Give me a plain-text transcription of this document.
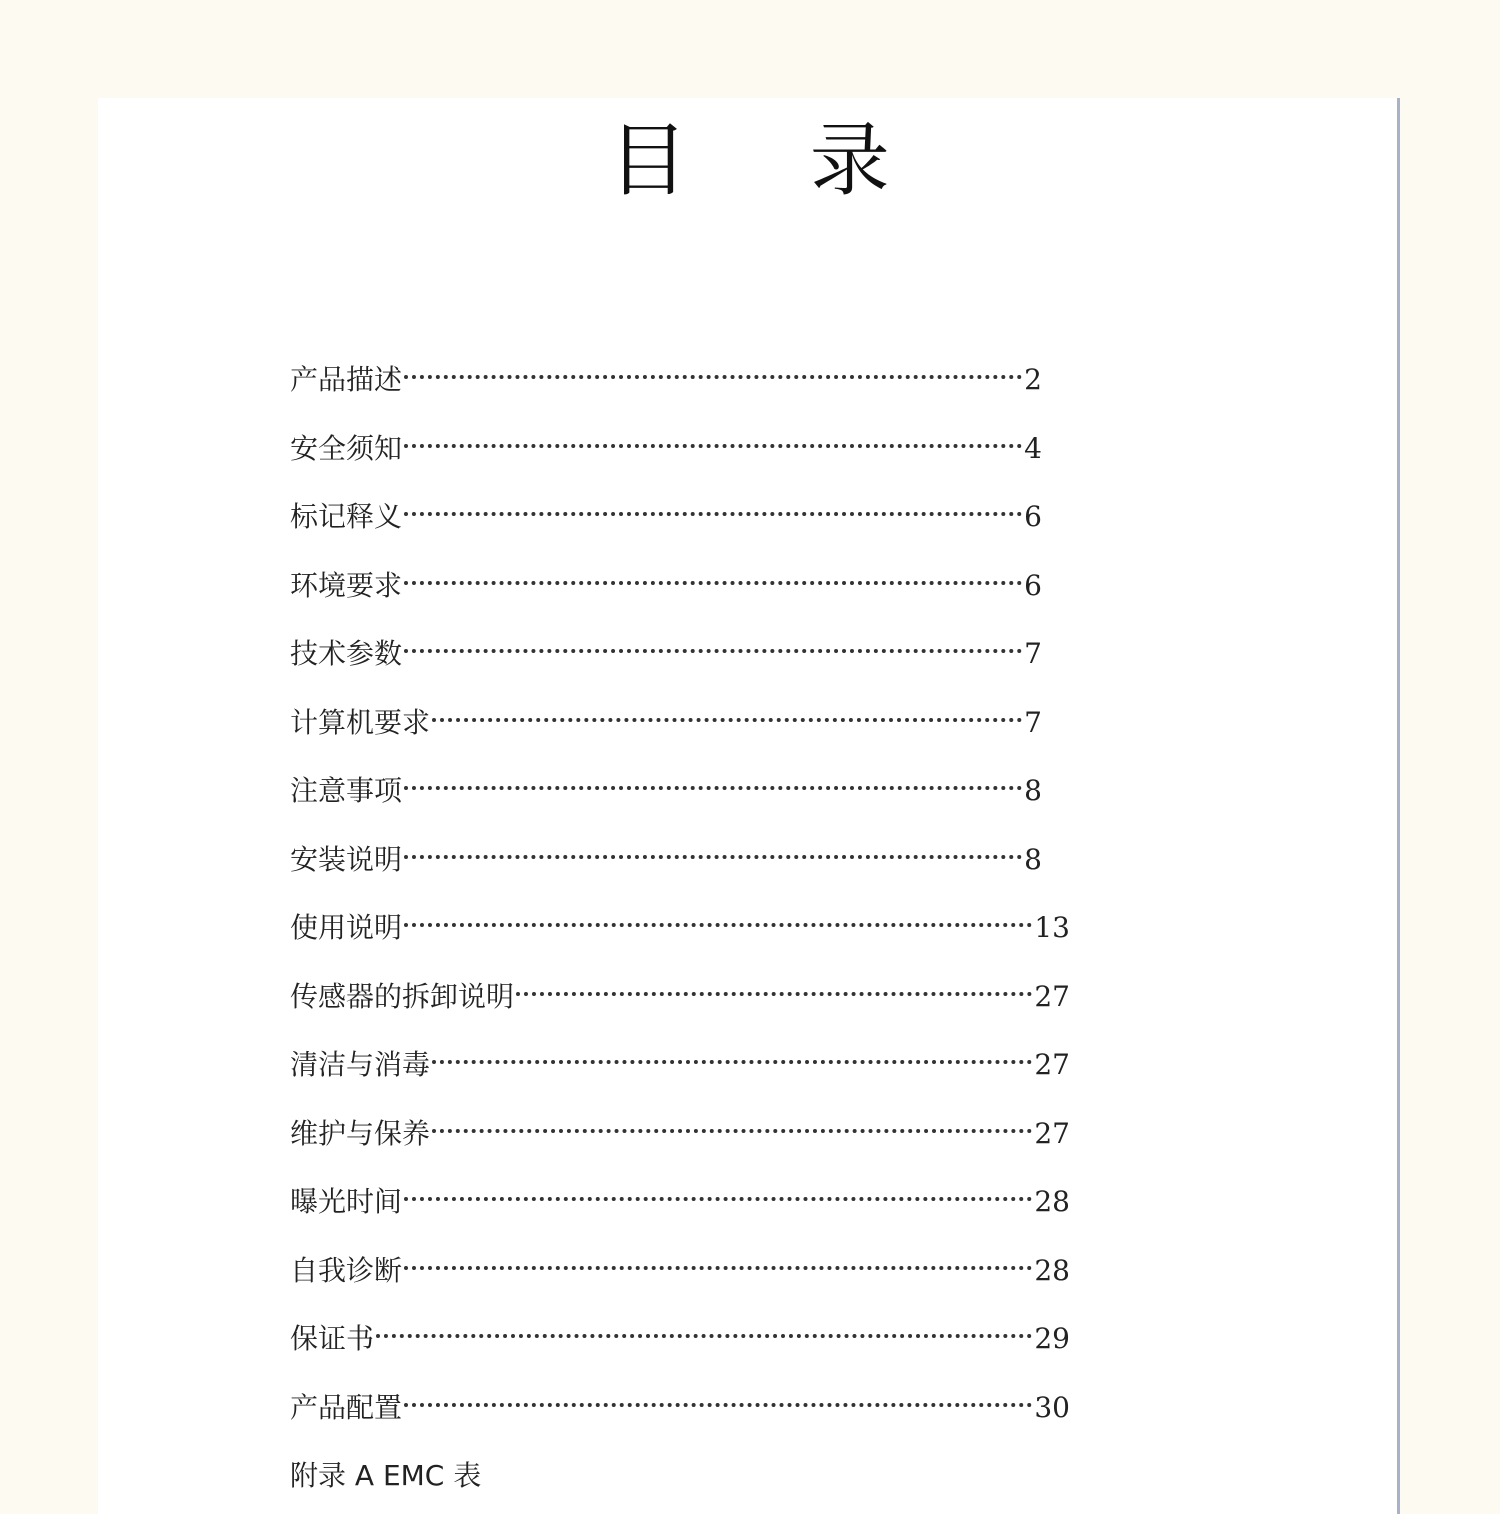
目 录
产品描述	2
安全须知	4
标记释义	6
环境要求	6
技术参数	7
计算机要求	7
注意事项	8
安装说明	8
使用说明	13
传感器的拆卸说明	27
清洁与消毒	27
维护与保养	27
曝光时间	28
自我诊断	28
保证书	29
产品配置	30
附录 A EMC 表
